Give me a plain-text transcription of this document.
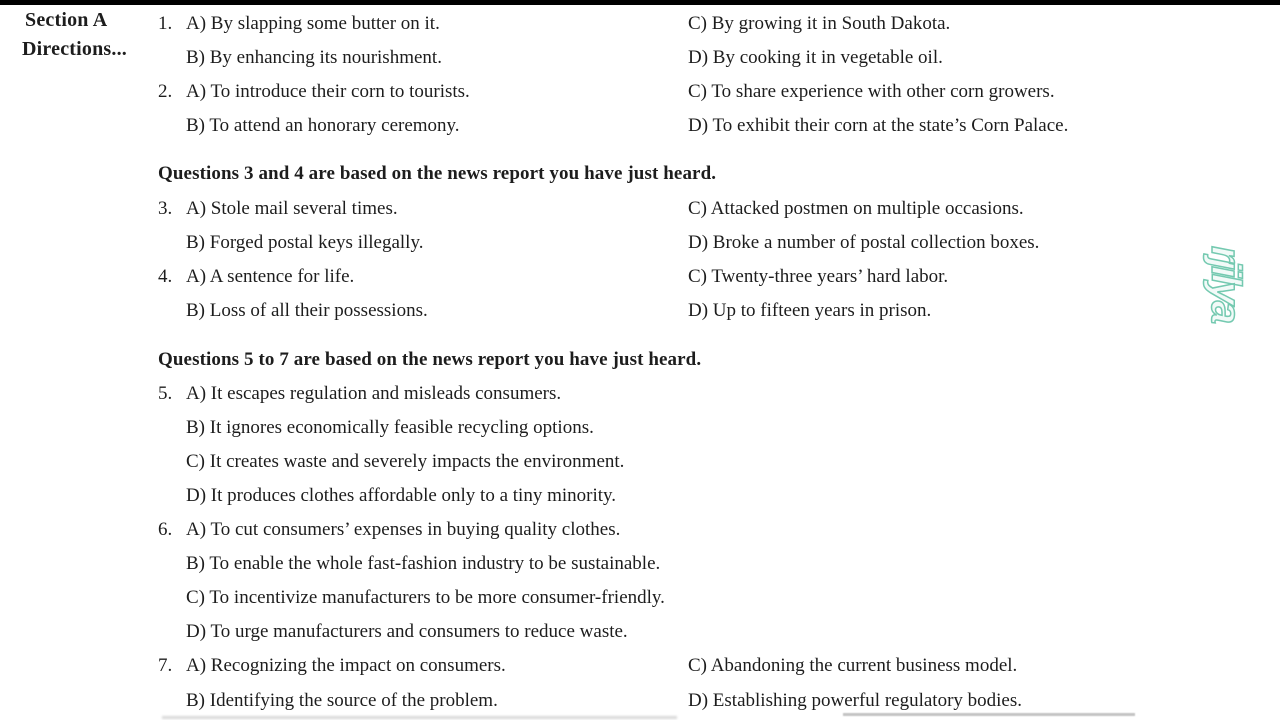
Section A
Directions...
1. A) By slapping some butter on it.	C) By growing it in South Dakota.
B) By enhancing its nourishment.	D) By cooking it in vegetable oil.
2. A) To introduce their corn to tourists.	C) To share experience with other corn growers.
B) To attend an honorary ceremony.	D) To exhibit their corn at the state’s Corn Palace.
Questions 3 and 4 are based on the news report you have just heard.
3. A) Stole mail several times.	C) Attacked postmen on multiple occasions.
B) Forged postal keys illegally.	D) Broke a number of postal collection boxes.
4. A) A sentence for life.	C) Twenty-three years’ hard labor.
B) Loss of all their possessions.	D) Up to fifteen years in prison.
Questions 5 to 7 are based on the news report you have just heard.
5. A) It escapes regulation and misleads consumers.
B) It ignores economically feasible recycling options.
C) It creates waste and severely impacts the environment.
D) It produces clothes affordable only to a tiny minority.
6. A) To cut consumers’ expenses in buying quality clothes.
B) To enable the whole fast-fashion industry to be sustainable.
C) To incentivize manufacturers to be more consumer-friendly.
D) To urge manufacturers and consumers to reduce waste.
7. A) Recognizing the impact on consumers.	C) Abandoning the current business model.
B) Identifying the source of the problem.	D) Establishing powerful regulatory bodies.
rjilya
